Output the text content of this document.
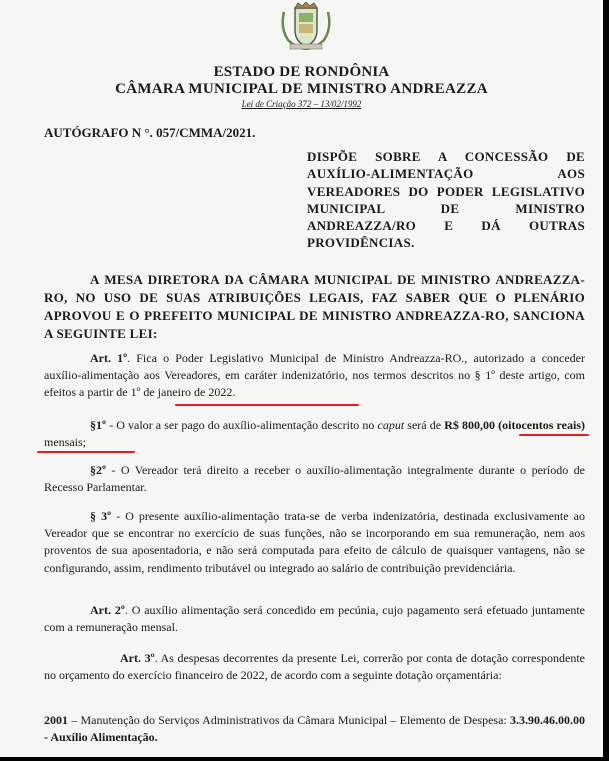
ESTADO DE RONDÔNIA
CÂMARA MUNICIPAL DE MINISTRO ANDREAZZA
Lei de Criação 372 – 13/02/1992
AUTÓGRAFO N °. 057/CMMA/2021.
DISPÕE SOBRE A CONCESSÃO DE AUXÍLIO-ALIMENTAÇÃO AOS VEREADORES DO PODER LEGISLATIVO MUNICIPAL DE MINISTRO ANDREAZZA/RO E DÁ OUTRAS PROVIDÊNCIAS.
A MESA DIRETORA DA CÂMARA MUNICIPAL DE MINISTRO ANDREAZZA-RO, NO USO DE SUAS ATRIBUIÇÕES LEGAIS, FAZ SABER QUE O PLENÁRIO APROVOU E O PREFEITO MUNICIPAL DE MINISTRO ANDREAZZA-RO, SANCIONA A SEGUINTE LEI:
Art. 1º. Fica o Poder Legislativo Municipal de Ministro Andreazza-RO., autorizado a conceder auxílio-alimentação aos Vereadores, em caráter indenizatório, nos termos descritos no § 1º deste artigo, com efeitos a partir de 1º de janeiro de 2022.
§1º - O valor a ser pago do auxílio-alimentação descrito no caput será de R$ 800,00 (oitocentos reais) mensais;
§2º - O Vereador terá direito a receber o auxílio-alimentação integralmente durante o período de Recesso Parlamentar.
§ 3º - O presente auxílio-alimentação trata-se de verba indenizatória, destinada exclusivamente ao Vereador que se encontrar no exercício de suas funções, não se incorporando em sua remuneração, nem aos proventos de sua aposentadoria, e não será computada para efeito de cálculo de quaisquer vantagens, não se configurando, assim, rendimento tributável ou integrado ao salário de contribuição previdenciária.
Art. 2º. O auxílio alimentação será concedido em pecúnia, cujo pagamento será efetuado juntamente com a remuneração mensal.
Art. 3º. As despesas decorrentes da presente Lei, correrão por conta de dotação correspondente no orçamento do exercício financeiro de 2022, de acordo com a seguinte dotação orçamentária:
2001 – Manutenção do Serviços Administrativos da Câmara Municipal – Elemento de Despesa: 3.3.90.46.00.00 - Auxílio Alimentação.
